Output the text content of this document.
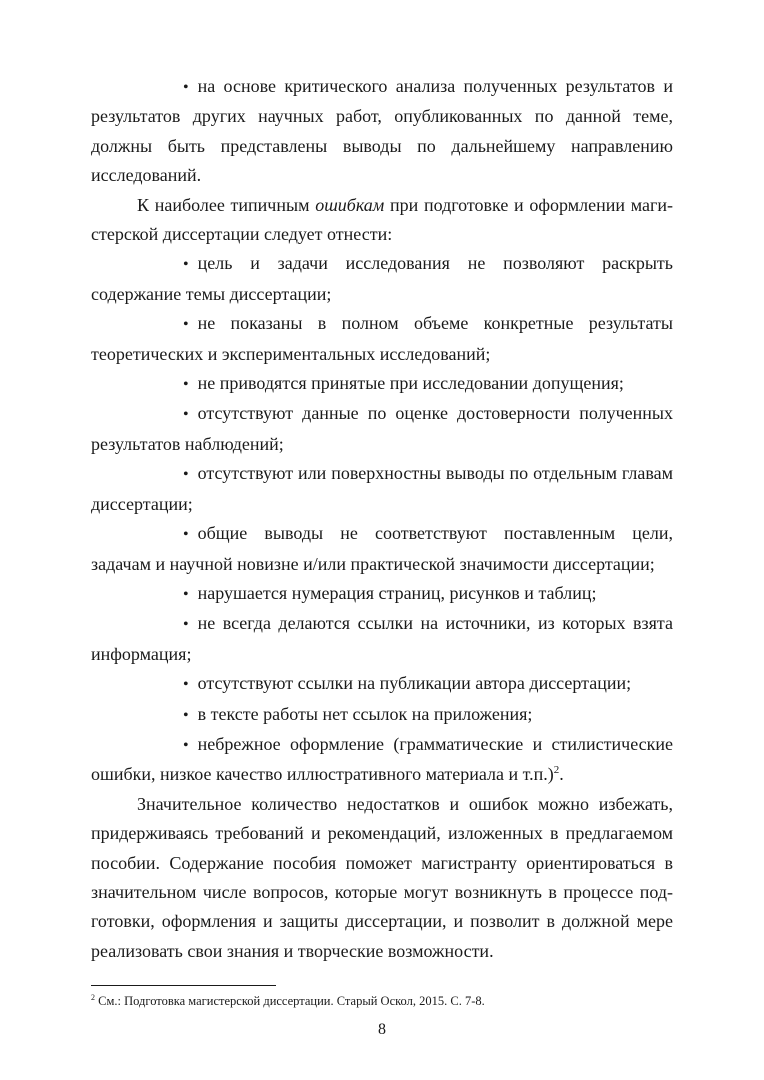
• на основе критического анализа полученных результатов и результатов других научных работ, опубликованных по данной теме, должны быть представлены выводы по дальнейшему направлению исследований.

К наиболее типичным ошибкам при подготовке и оформлении магистерской диссертации следует отнести:

• цель и задачи исследования не позволяют раскрыть содержание темы диссертации;

• не показаны в полном объеме конкретные результаты теоретических и экспериментальных исследований;

• не приводятся принятые при исследовании допущения;

• отсутствуют данные по оценке достоверности полученных результатов наблюдений;

• отсутствуют или поверхностны выводы по отдельным главам диссертации;

• общие выводы не соответствуют поставленным цели, задачам и научной новизне и/или практической значимости диссертации;

• нарушается нумерация страниц, рисунков и таблиц;

• не всегда делаются ссылки на источники, из которых взята информация;

• отсутствуют ссылки на публикации автора диссертации;

• в тексте работы нет ссылок на приложения;

• небрежное оформление (грамматические и стилистические ошибки, низкое качество иллюстративного материала и т.п.)$^2$.

Значительное количество недостатков и ошибок можно избежать, придерживаясь требований и рекомендаций, изложенных в предлагаемом пособии. Содержание пособия поможет магистранту ориентироваться в значительном числе вопросов, которые могут возникнуть в процессе подготовки, оформления и защиты диссертации, и позволит в должной мере реализовать свои знания и творческие возможности.

$^2$ См.: Подготовка магистерской диссертации. Старый Оскол, 2015. С. 7-8.

8
